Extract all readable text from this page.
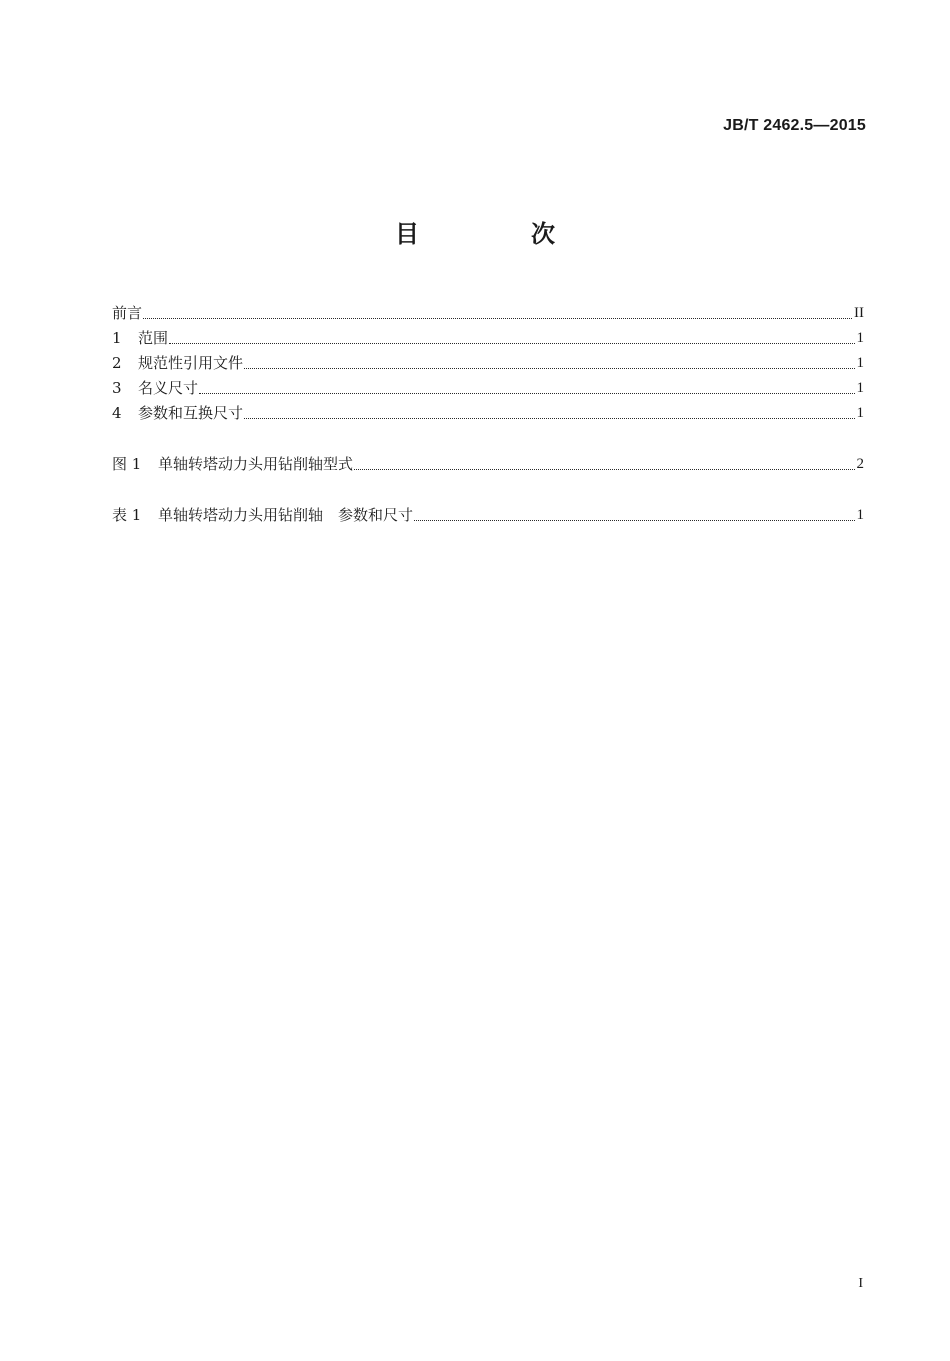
JB/T 2462.5—2015
目　次
前言	II
1	范围	1
2	规范性引用文件	1
3	名义尺寸	1
4	参数和互换尺寸	1
图 1	单轴转塔动力头用钻削轴型式	2
表 1	单轴转塔动力头用钻削轴　参数和尺寸	1
I
